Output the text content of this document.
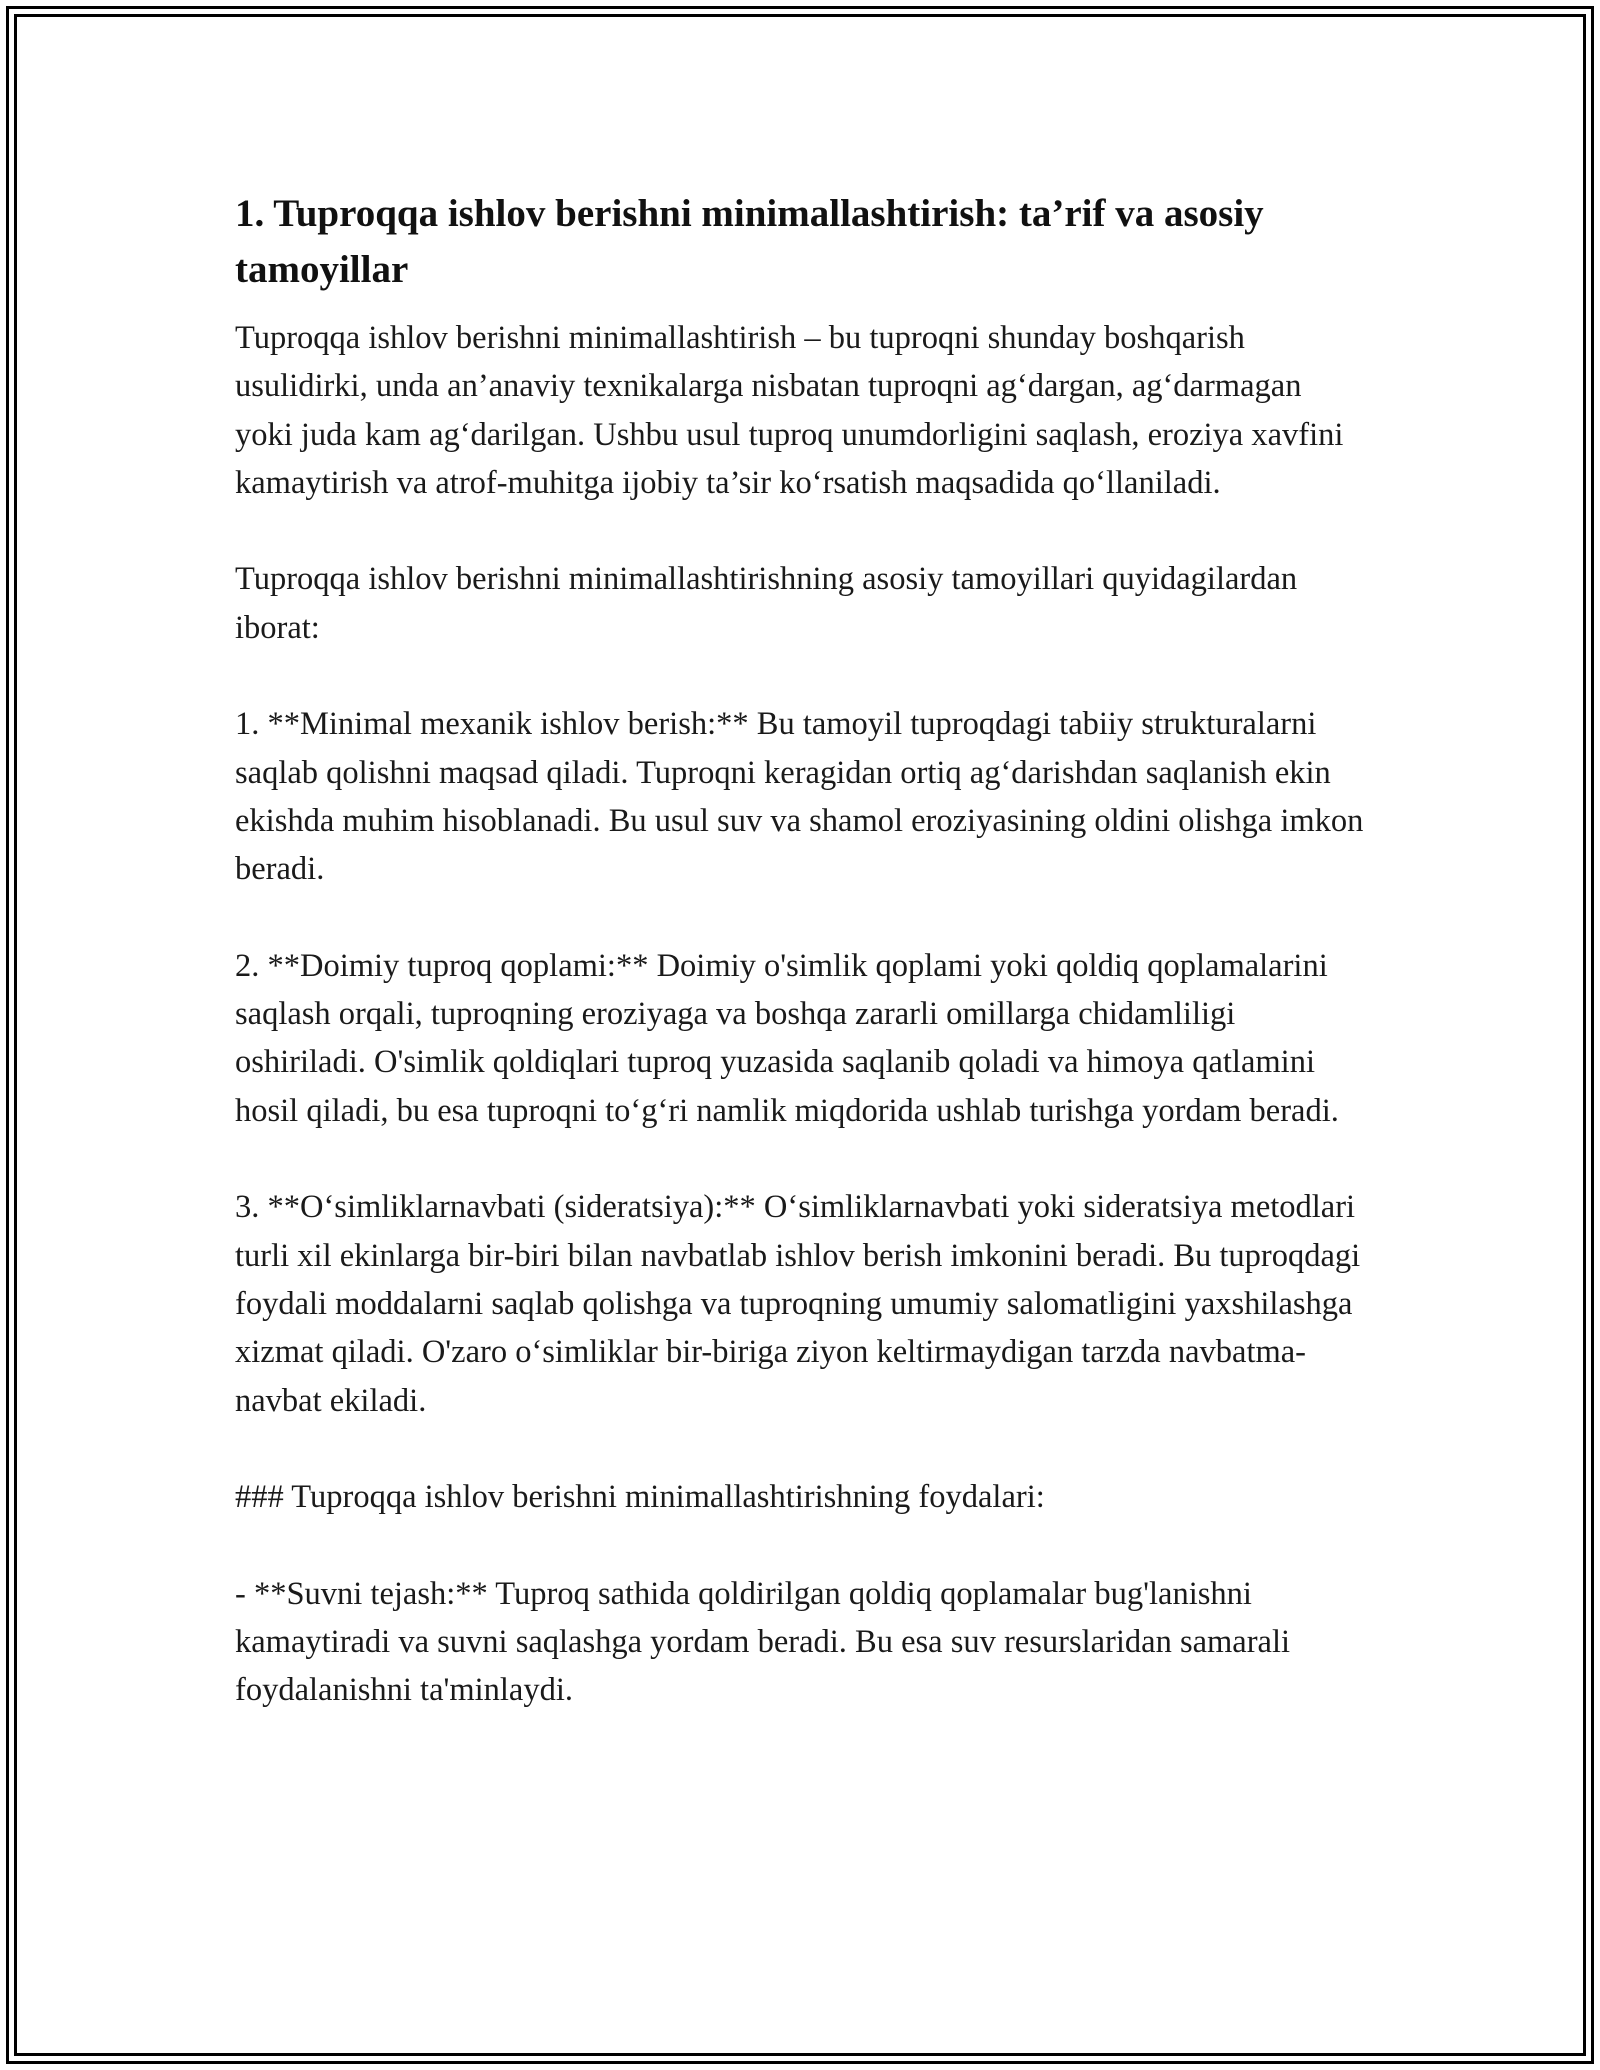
1. Tuproqqa ishlov berishni minimallashtirish: ta’rif va asosiy tamoyillar

Tuproqqa ishlov berishni minimallashtirish – bu tuproqni shunday boshqarish usulidirki, unda an’anaviy texnikalarga nisbatan tuproqni ag‘dargan, ag‘darmagan yoki juda kam ag‘darilgan. Ushbu usul tuproq unumdorligini saqlash, eroziya xavfini kamaytirish va atrof-muhitga ijobiy ta’sir ko‘rsatish maqsadida qo‘llaniladi.

Tuproqqa ishlov berishni minimallashtirishning asosiy tamoyillari quyidagilardan iborat:

1. **Minimal mexanik ishlov berish:** Bu tamoyil tuproqdagi tabiiy strukturalarni saqlab qolishni maqsad qiladi. Tuproqni keragidan ortiq ag‘darishdan saqlanish ekin ekishda muhim hisoblanadi. Bu usul suv va shamol eroziyasining oldini olishga imkon beradi.

2. **Doimiy tuproq qoplami:** Doimiy o'simlik qoplami yoki qoldiq qoplamalarini saqlash orqali, tuproqning eroziyaga va boshqa zararli omillarga chidamliligi oshiriladi. O'simlik qoldiqlari tuproq yuzasida saqlanib qoladi va himoya qatlamini hosil qiladi, bu esa tuproqni to‘g‘ri namlik miqdorida ushlab turishga yordam beradi.

3. **O‘simliklarnavbati (sideratsiya):** O‘simliklarnavbati yoki sideratsiya metodlari turli xil ekinlarga bir-biri bilan navbatlab ishlov berish imkonini beradi. Bu tuproqdagi foydali moddalarni saqlab qolishga va tuproqning umumiy salomatligini yaxshilashga xizmat qiladi. O'zaro o‘simliklar bir-biriga ziyon keltirmaydigan tarzda navbatma-navbat ekiladi.

### Tuproqqa ishlov berishni minimallashtirishning foydalari:

- **Suvni tejash:** Tuproq sathida qoldirilgan qoldiq qoplamalar bug'lanishni kamaytiradi va suvni saqlashga yordam beradi. Bu esa suv resurslaridan samarali foydalanishni ta'minlaydi.
